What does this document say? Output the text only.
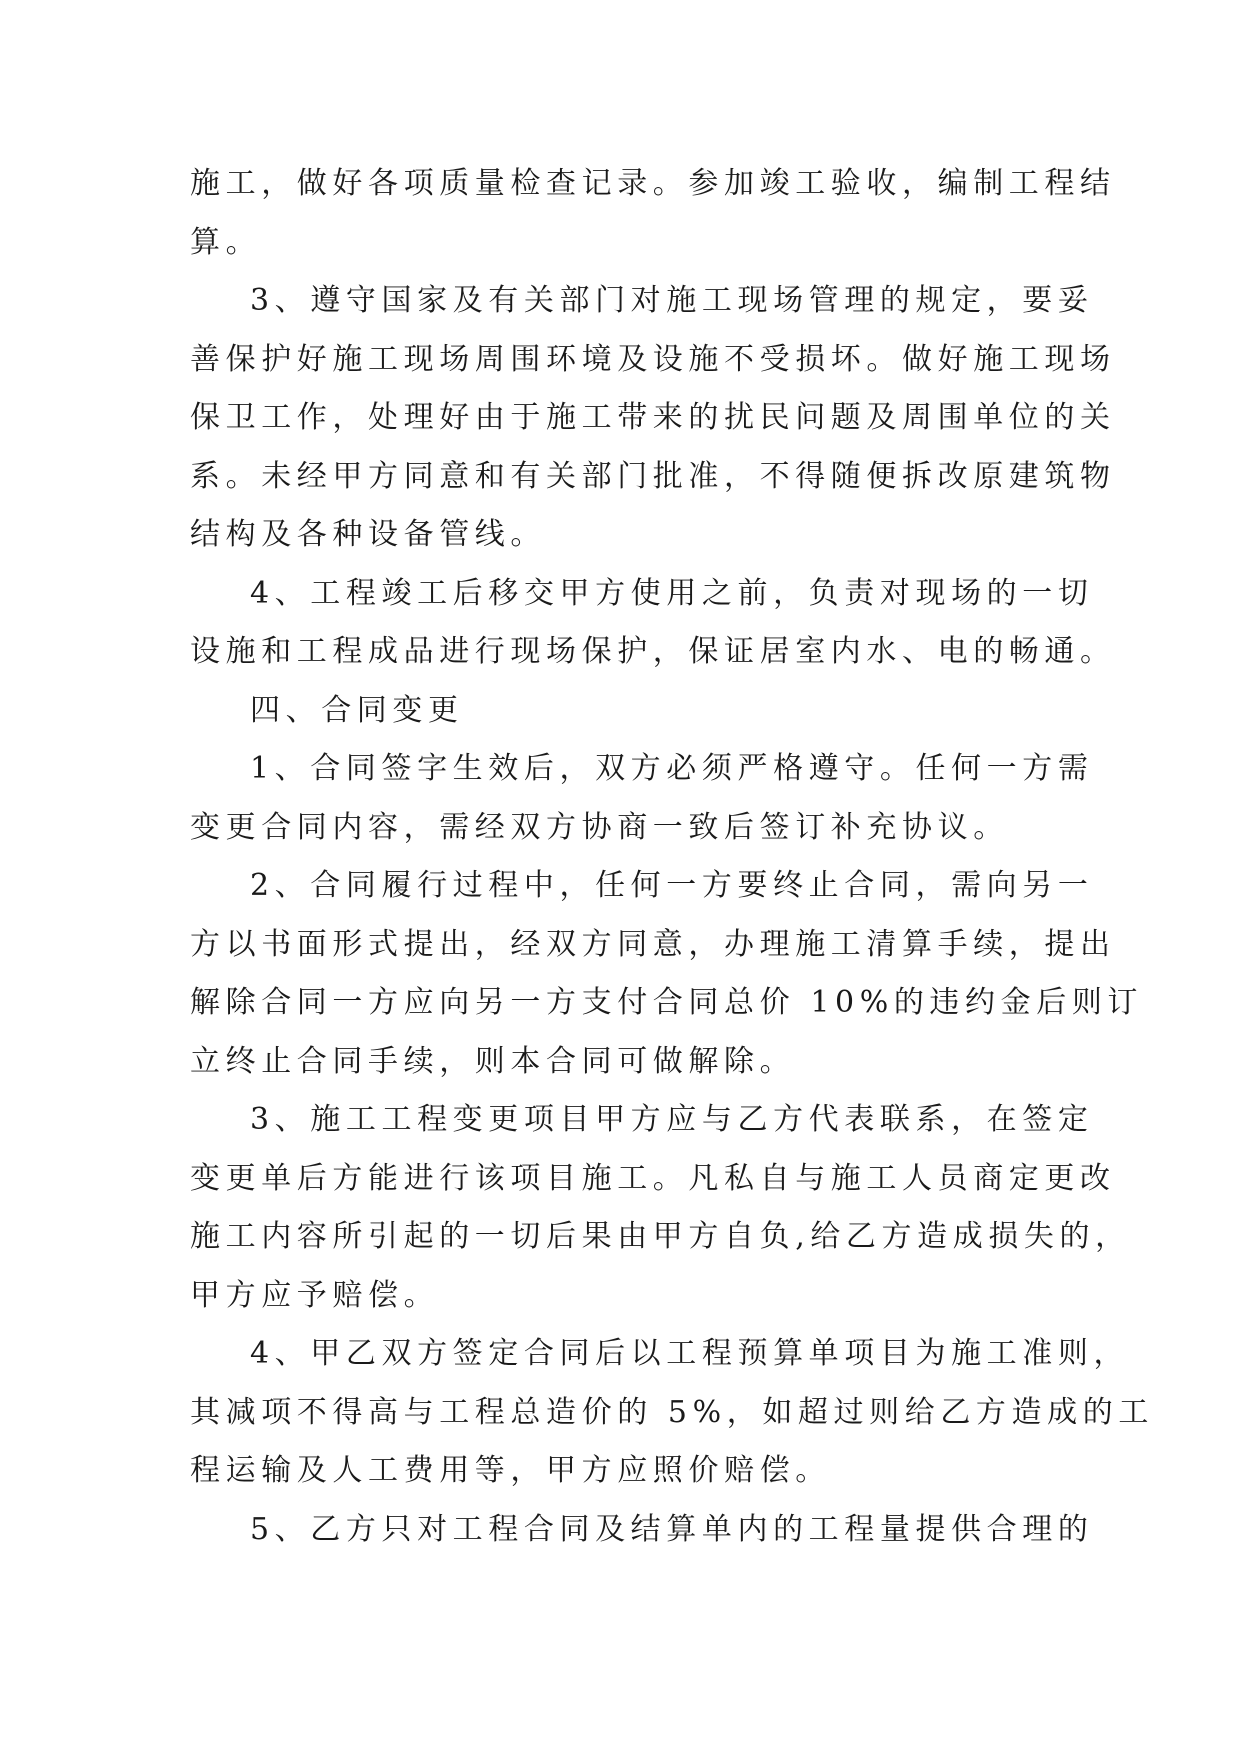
施工，做好各项质量检查记录。参加竣工验收，编制工程结
算。
3、遵守国家及有关部门对施工现场管理的规定，要妥
善保护好施工现场周围环境及设施不受损坏。做好施工现场
保卫工作，处理好由于施工带来的扰民问题及周围单位的关
系。未经甲方同意和有关部门批准，不得随便拆改原建筑物
结构及各种设备管线。
4、工程竣工后移交甲方使用之前，负责对现场的一切
设施和工程成品进行现场保护，保证居室内水、电的畅通。
四、合同变更
1、合同签字生效后，双方必须严格遵守。任何一方需
变更合同内容，需经双方协商一致后签订补充协议。
2、合同履行过程中，任何一方要终止合同，需向另一
方以书面形式提出，经双方同意，办理施工清算手续，提出
解除合同一方应向另一方支付合同总价 10%的违约金后则订
立终止合同手续，则本合同可做解除。
3、施工工程变更项目甲方应与乙方代表联系，在签定
变更单后方能进行该项目施工。凡私自与施工人员商定更改
施工内容所引起的一切后果由甲方自负,给乙方造成损失的，
甲方应予赔偿。
4、甲乙双方签定合同后以工程预算单项目为施工准则，
其减项不得高与工程总造价的 5%，如超过则给乙方造成的工
程运输及人工费用等，甲方应照价赔偿。
5、乙方只对工程合同及结算单内的工程量提供合理的
